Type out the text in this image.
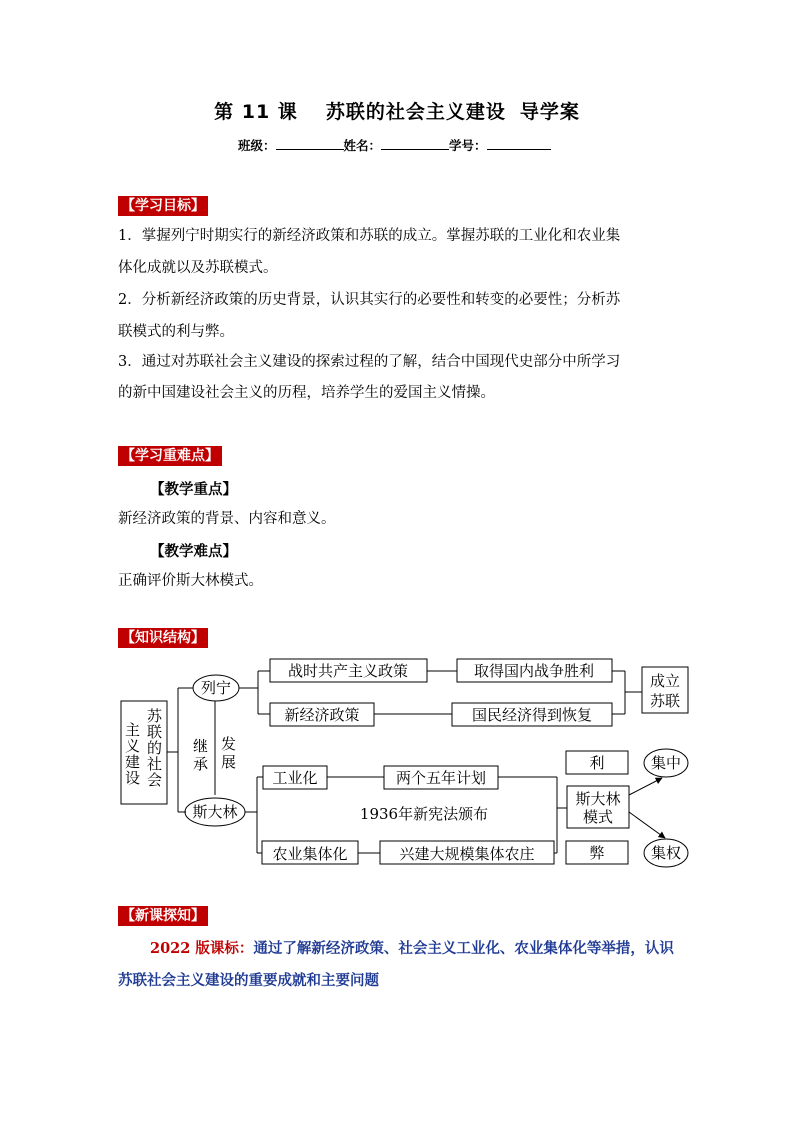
第 11 课 苏联的社会主义建设 导学案
班级：	姓名：	学号：
【学习目标】
1．掌握列宁时期实行的新经济政策和苏联的成立。掌握苏联的工业化和农业集
体化成就以及苏联模式。
2．分析新经济政策的历史背景，认识其实行的必要性和转变的必要性；分析苏
联模式的利与弊。
3．通过对苏联社会主义建设的探索过程的了解，结合中国现代史部分中所学习
的新中国建设社会主义的历程，培养学生的爱国主义情操。
【学习重难点】
【教学重点】
新经济政策的背景、内容和意义。
【教学难点】
正确评价斯大林模式。
【知识结构】
主义建设 苏联的社会
列宁
斯大林
继承 发展
战时共产主义政策
新经济政策
取得国内战争胜利
国民经济得到恢复
成立
苏联
工业化	两个五年计划
1936年新宪法颁布
农业集体化	兴建大规模集体农庄
斯大林
模式
利
弊
集中
集权
【新课探知】
2022 版课标：通过了解新经济政策、社会主义工业化、农业集体化等举措，认识苏联社会主义建设的重要成就和主要问题
